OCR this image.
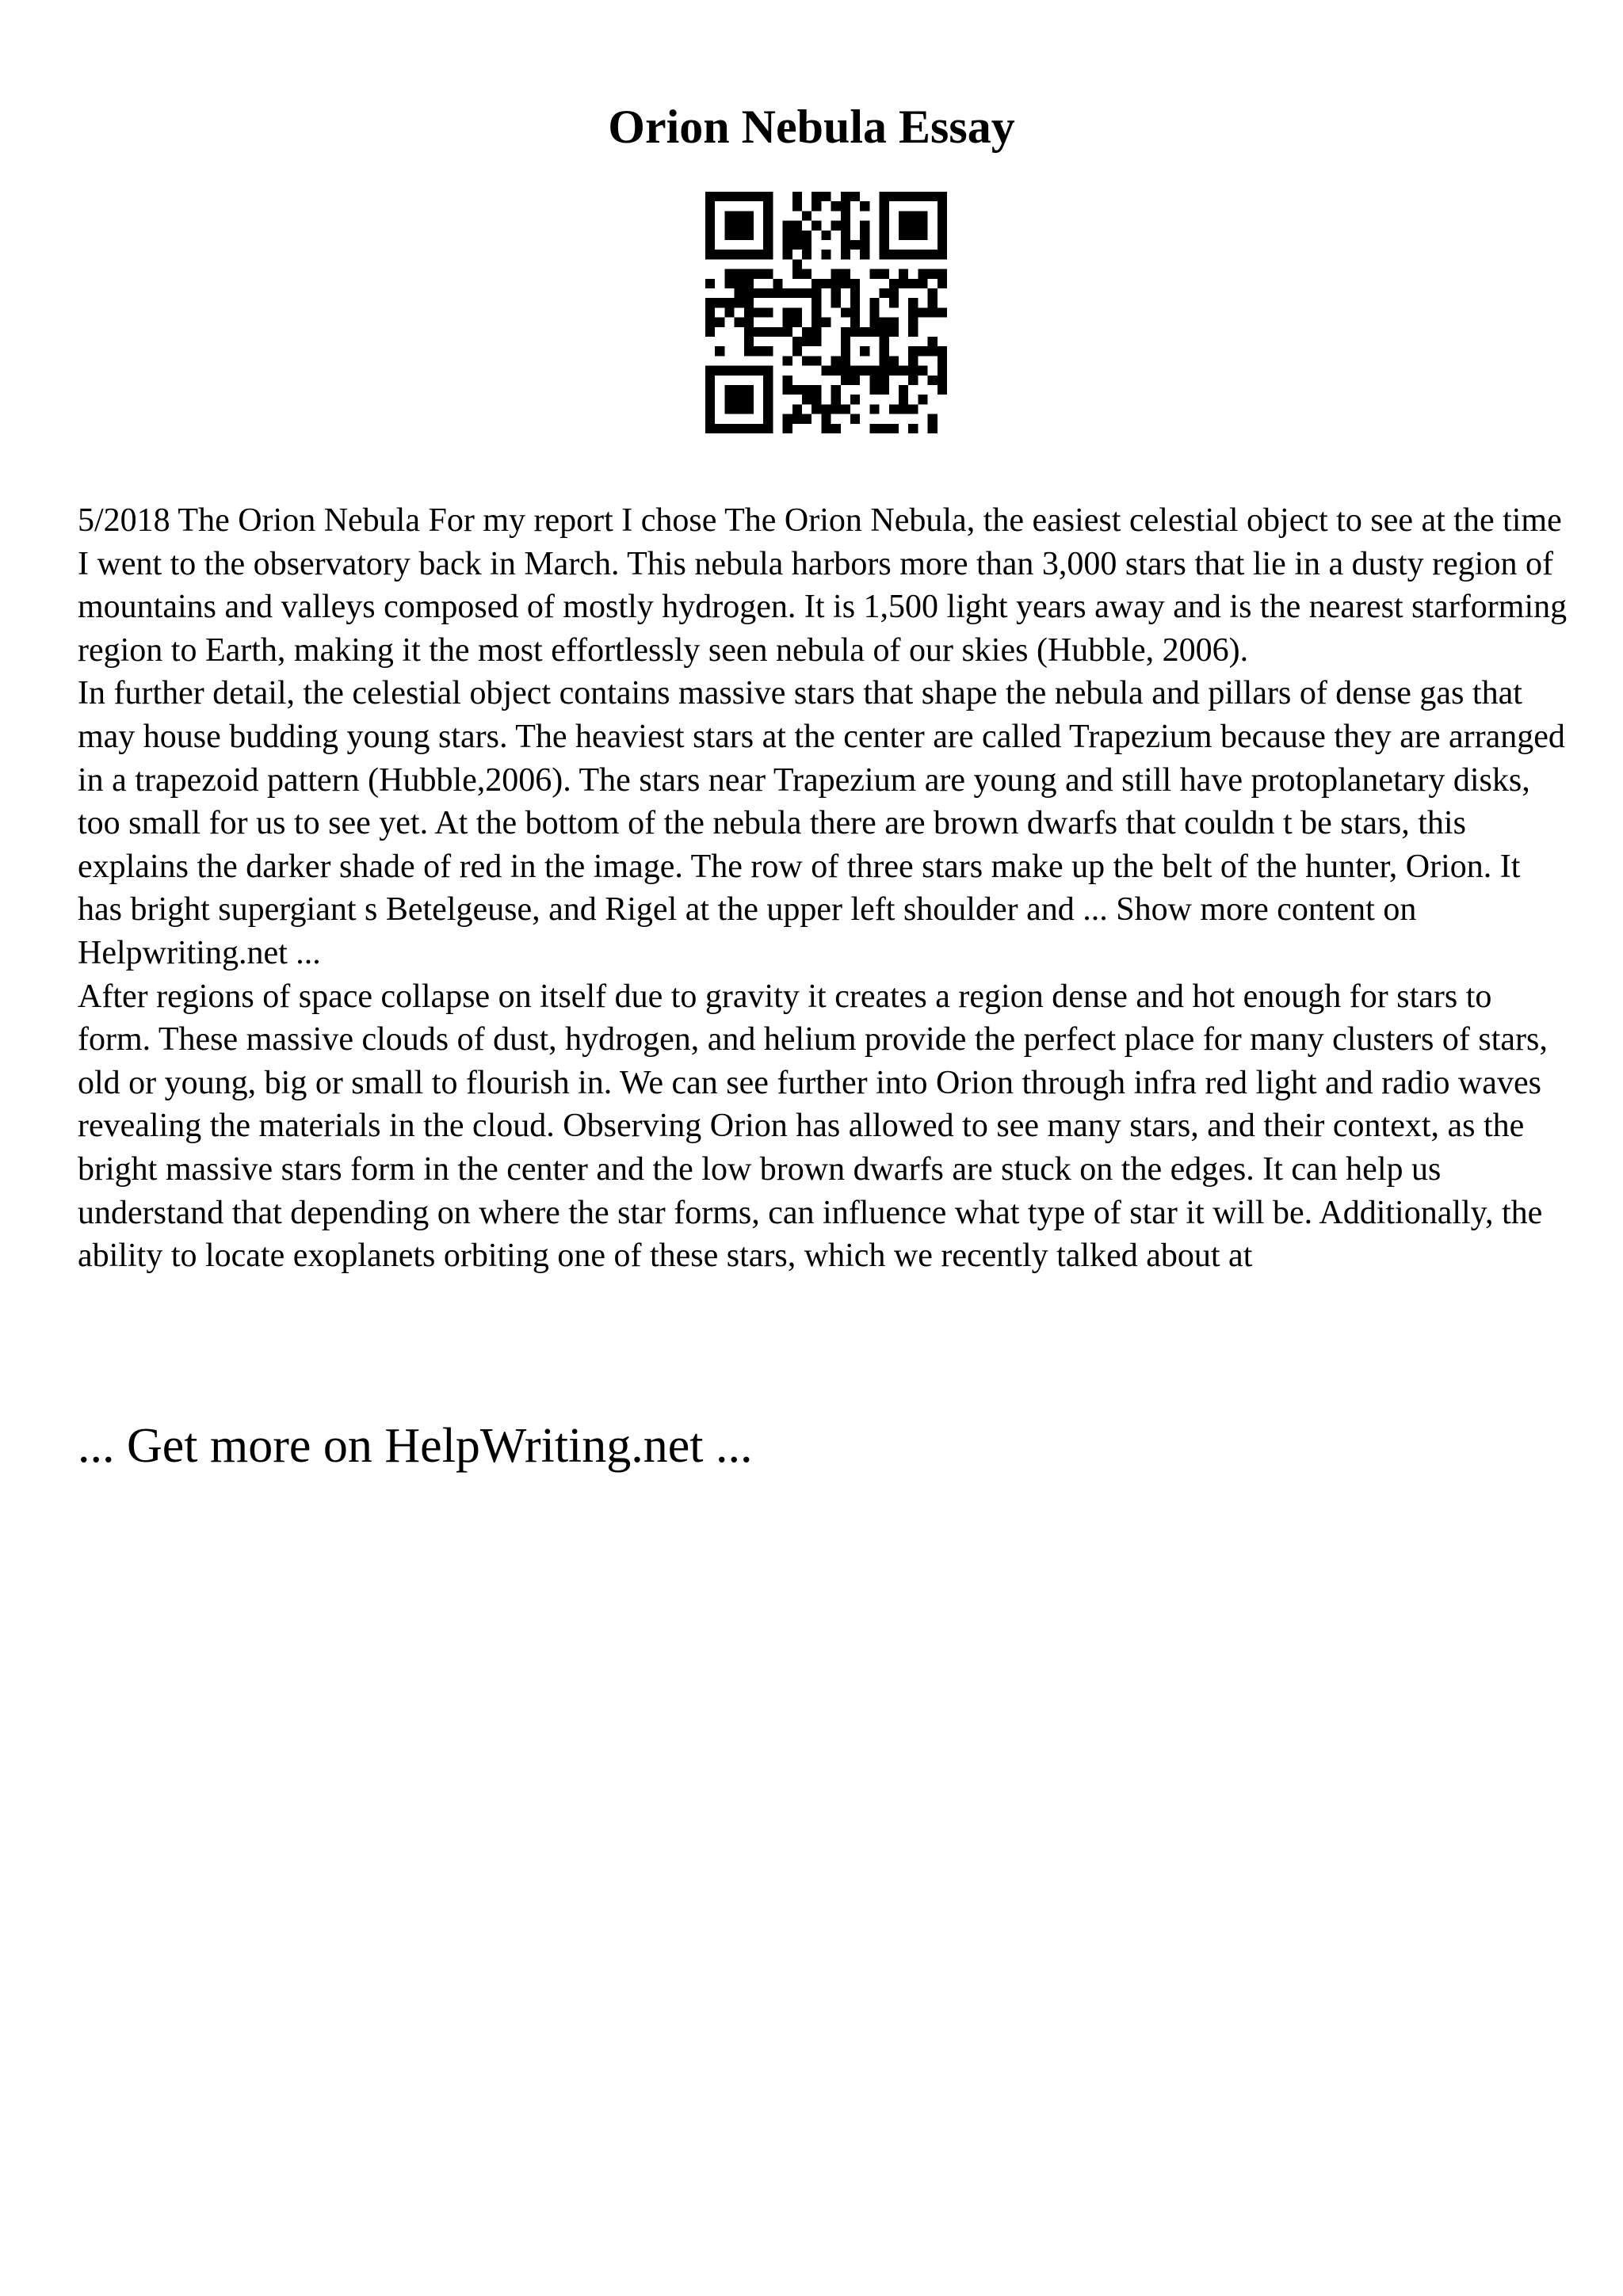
Orion Nebula Essay

5/2018 The Orion Nebula For my report I chose The Orion Nebula, the easiest celestial object to see at the time I went to the observatory back in March. This nebula harbors more than 3,000 stars that lie in a dusty region of mountains and valleys composed of mostly hydrogen. It is 1,500 light years away and is the nearest starforming region to Earth, making it the most effortlessly seen nebula of our skies (Hubble, 2006).

In further detail, the celestial object contains massive stars that shape the nebula and pillars of dense gas that may house budding young stars. The heaviest stars at the center are called Trapezium because they are arranged in a trapezoid pattern (Hubble,2006). The stars near Trapezium are young and still have protoplanetary disks, too small for us to see yet. At the bottom of the nebula there are brown dwarfs that couldn t be stars, this explains the darker shade of red in the image. The row of three stars make up the belt of the hunter, Orion. It has bright supergiant s Betelgeuse, and Rigel at the upper left shoulder and ... Show more content on Helpwriting.net ...

After regions of space collapse on itself due to gravity it creates a region dense and hot enough for stars to form. These massive clouds of dust, hydrogen, and helium provide the perfect place for many clusters of stars, old or young, big or small to flourish in. We can see further into Orion through infra red light and radio waves revealing the materials in the cloud. Observing Orion has allowed to see many stars, and their context, as the bright massive stars form in the center and the low brown dwarfs are stuck on the edges. It can help us understand that depending on where the star forms, can influence what type of star it will be. Additionally, the ability to locate exoplanets orbiting one of these stars, which we recently talked about at

... Get more on HelpWriting.net ...
